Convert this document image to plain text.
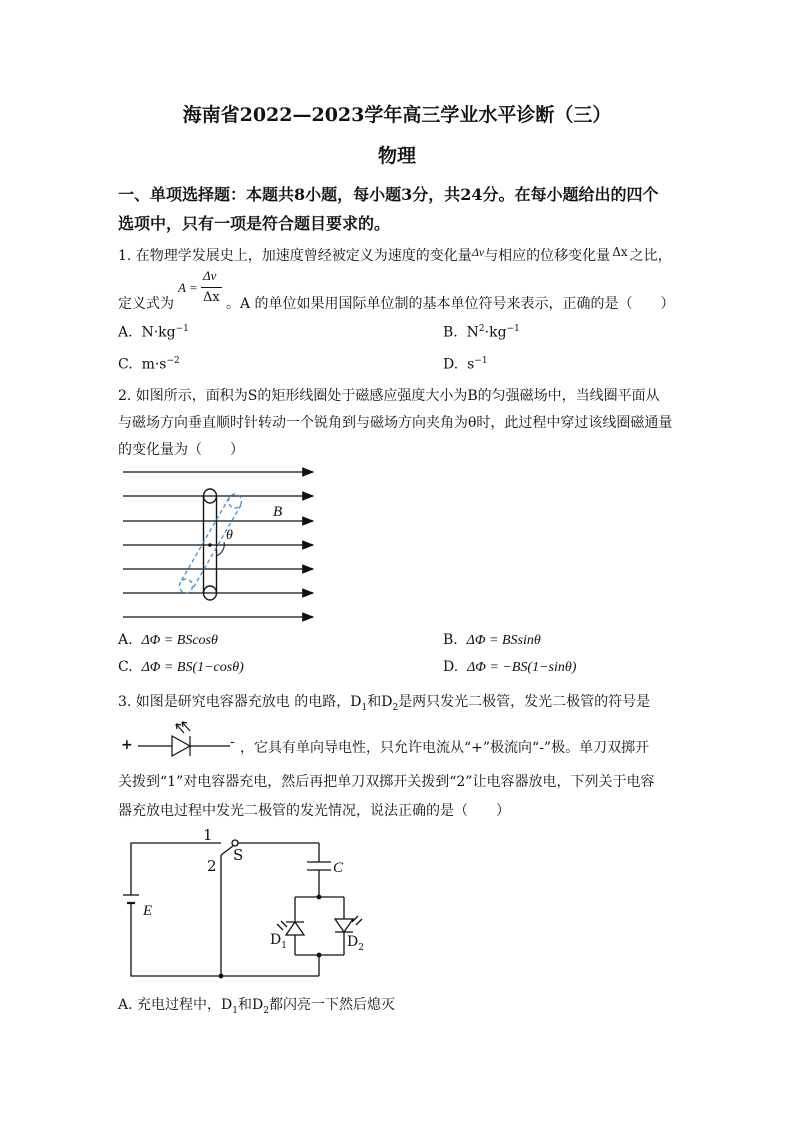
海南省2022—2023学年高三学业水平诊断（三）
物理
一、单项选择题：本题共8小题，每小题3分，共24分。在每小题给出的四个
选项中，只有一项是符合题目要求的。
1. 在物理学发展史上，加速度曾经被定义为速度的变化量Δv与相应的位移变化量 Δx 之比，
定义式为
A =
Δv
Δx 。A 的单位如果用国际单位制的基本单位符号来表示，正确的是（　　）
A. $N\cdot kg^{-1}$	B. $N^2\cdot kg^{-1}$
C. $m\cdot s^{-2}$	D. $s^{-1}$
2. 如图所示，面积为S的矩形线圈处于磁感应强度大小为B的匀强磁场中，当线圈平面从
与磁场方向垂直顺时针转动一个锐角到与磁场方向夹角为θ时，此过程中穿过该线圈磁通量
的变化量为（　　）
B
θ
A. ΔΦ = BScosθ	B. ΔΦ = BSsinθ
C. ΔΦ = BS(1−cosθ)	D. ΔΦ = −BS(1−sinθ)
3. 如图是研究电容器充放电 的电路，$D_1$和$D_2$是两只发光二极管，发光二极管的符号是
+	- ，它具有单向导电性，只允许电流从“+”极流向“-”极。单刀双掷开
关拨到“1”对电容器充电，然后再把单刀双掷开关拨到“2”让电容器放电，下列关于电容
器充放电过程中发光二极管的发光情况，说法正确的是（　　）
1
2
S
C
E
$D_1$	$D_2$
A. 充电过程中，$D_1$和$D_2$都闪亮一下然后熄灭
